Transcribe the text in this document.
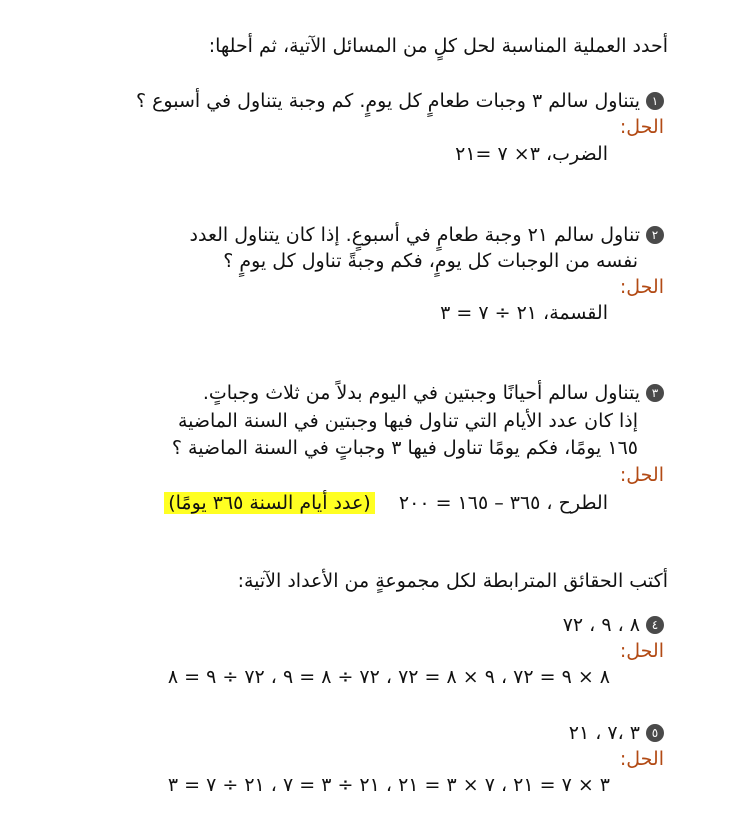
أحدد العملية المناسبة لحل كلٍ من المسائل الآتية، ثم أحلها:
١
يتناول سالم ٣ وجبات طعامٍ كل يومٍ. كم وجبة يتناول في أسبوع ؟
الحل:
الضرب، ٣× ٧ =٢١
٢
تناول سالم ٢١ وجبة طعامٍ في أسبوعٍ. إذا كان يتناول العدد
نفسه من الوجبات كل يومٍ، فكم وجبةً تناول كل يومٍ ؟
الحل:
القسمة، ٢١ ÷ ٧ = ٣
٣
يتناول سالم أحيانًا وجبتين في اليوم بدلاً من ثلاث وجباتٍ.
إذا كان عدد الأيام التي تناول فيها وجبتين في السنة الماضية
١٦٥ يومًا، فكم يومًا تناول فيها ٣ وجباتٍ في السنة الماضية ؟
الحل:
الطرح ، ٣٦٥ – ١٦٥ = ٢٠٠    (عدد أيام السنة ٣٦٥ يومًا)
أكتب الحقائق المترابطة لكل مجموعةٍ من الأعداد الآتية:
٤
٨ ، ٩ ، ٧٢
الحل:
٨ × ٩ = ٧٢ ، ٩ × ٨ = ٧٢ ، ٧٢ ÷ ٨ = ٩ ، ٧٢ ÷ ٩ = ٨
٥
٣ ،٧ ، ٢١
الحل:
٣ × ٧ = ٢١ ، ٧ × ٣ = ٢١ ، ٢١ ÷ ٣ = ٧ ، ٢١ ÷ ٧ = ٣
